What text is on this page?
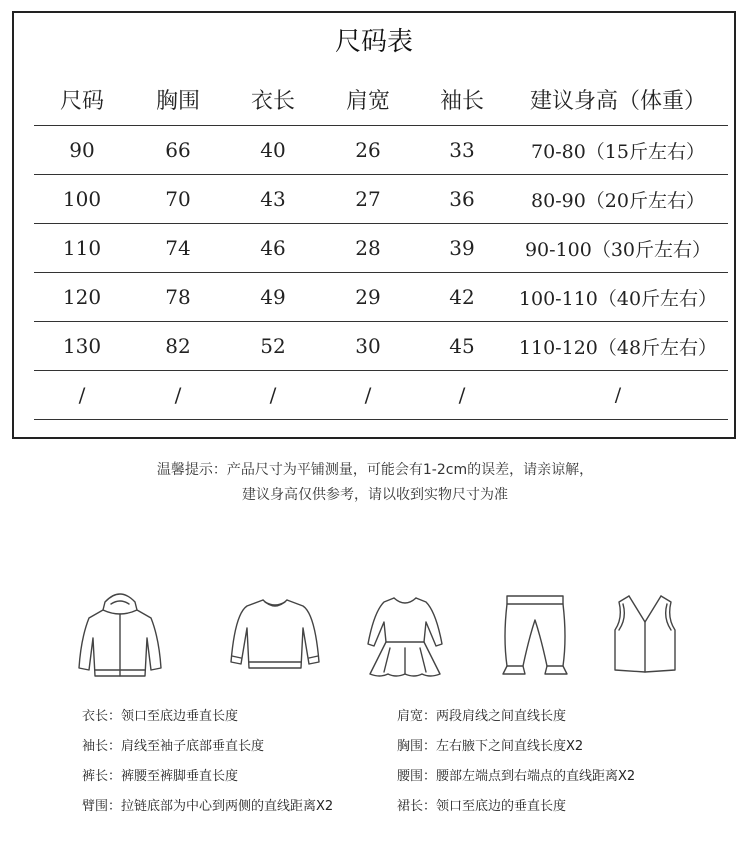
尺码表
尺码	胸围	衣长	肩宽	袖长	建议身高（体重）
90	66	40	26	33	70-80（15斤左右）
100	70	43	27	36	80-90（20斤左右）
110	74	46	28	39	90-100（30斤左右）
120	78	49	29	42	100-110（40斤左右）
130	82	52	30	45	110-120（48斤左右）
/	/	/	/	/	/
温馨提示：产品尺寸为平铺测量，可能会有1-2cm的误差，请亲谅解，
建议身高仅供参考，请以收到实物尺寸为准
衣长：领口至底边垂直长度	肩宽：两段肩线之间直线长度
袖长：肩线至袖子底部垂直长度	胸围：左右腋下之间直线长度X2
裤长：裤腰至裤脚垂直长度	腰围：腰部左端点到右端点的直线距离X2
臂围：拉链底部为中心到两侧的直线距离X2	裙长：领口至底边的垂直长度
